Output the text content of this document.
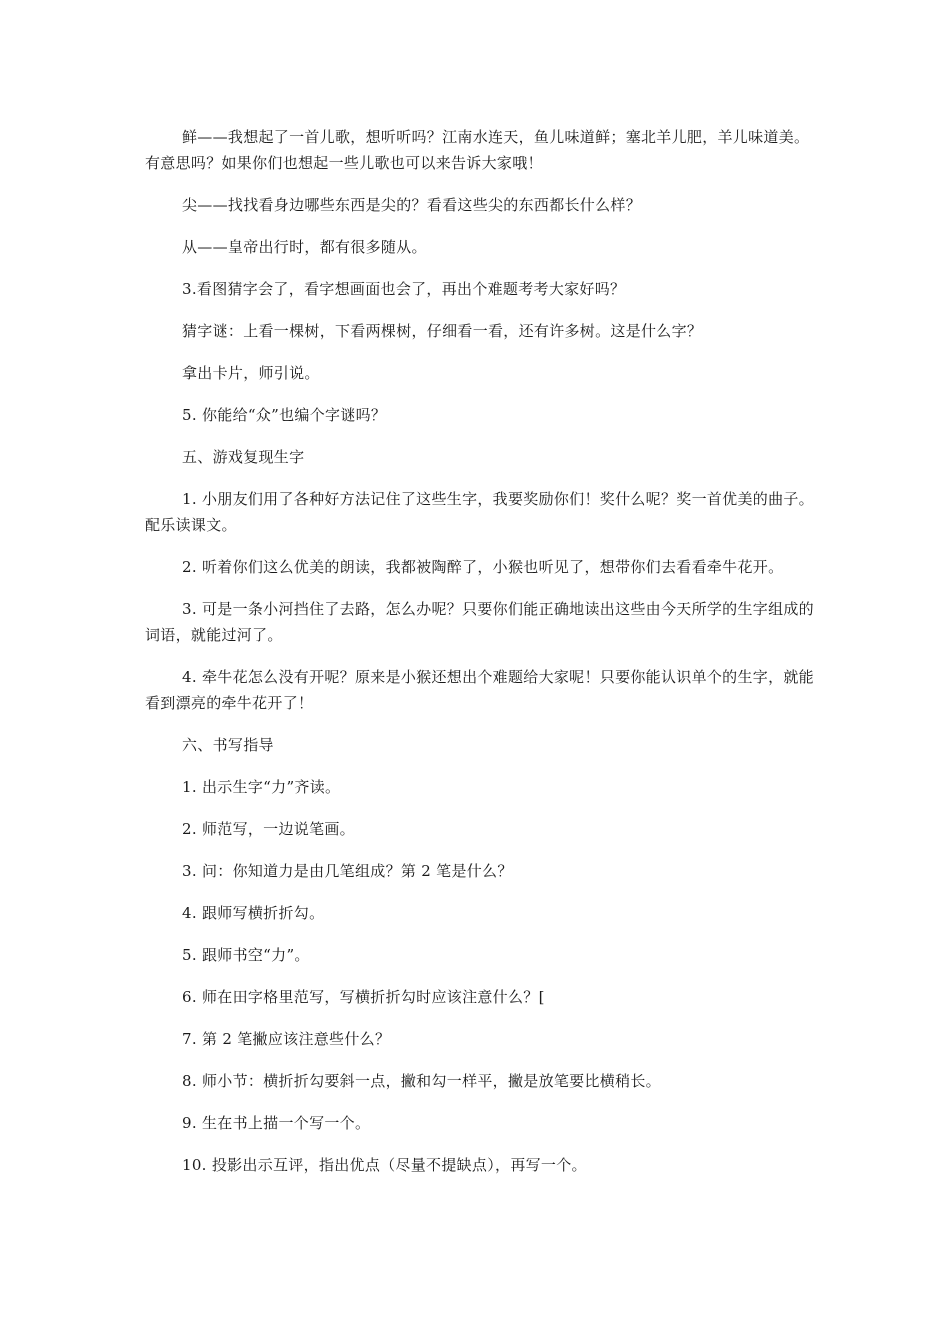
鲜——我想起了一首儿歌，想听听吗？江南水连天，鱼儿味道鲜；塞北羊儿肥，羊儿味道美。有意思吗？如果你们也想起一些儿歌也可以来告诉大家哦！

尖——找找看身边哪些东西是尖的？看看这些尖的东西都长什么样？

从——皇帝出行时，都有很多随从。

3.看图猜字会了，看字想画面也会了，再出个难题考考大家好吗？

猜字谜：上看一棵树，下看两棵树，仔细看一看，还有许多树。这是什么字？

拿出卡片，师引说。

5. 你能给“众”也编个字谜吗？

五、游戏复现生字

1. 小朋友们用了各种好方法记住了这些生字，我要奖励你们！奖什么呢？奖一首优美的曲子。配乐读课文。

2. 听着你们这么优美的朗读，我都被陶醉了，小猴也听见了，想带你们去看看牵牛花开。

3. 可是一条小河挡住了去路，怎么办呢？只要你们能正确地读出这些由今天所学的生字组成的词语，就能过河了。

4. 牵牛花怎么没有开呢？原来是小猴还想出个难题给大家呢！只要你能认识单个的生字，就能看到漂亮的牵牛花开了！

六、书写指导

1. 出示生字“力”齐读。

2. 师范写，一边说笔画。

3. 问：你知道力是由几笔组成？第 2 笔是什么？

4. 跟师写横折折勾。

5. 跟师书空“力”。

6. 师在田字格里范写，写横折折勾时应该注意什么？[

7. 第 2 笔撇应该注意些什么？

8. 师小节：横折折勾要斜一点，撇和勾一样平，撇是放笔要比横稍长。

9. 生在书上描一个写一个。

10. 投影出示互评，指出优点（尽量不提缺点），再写一个。
